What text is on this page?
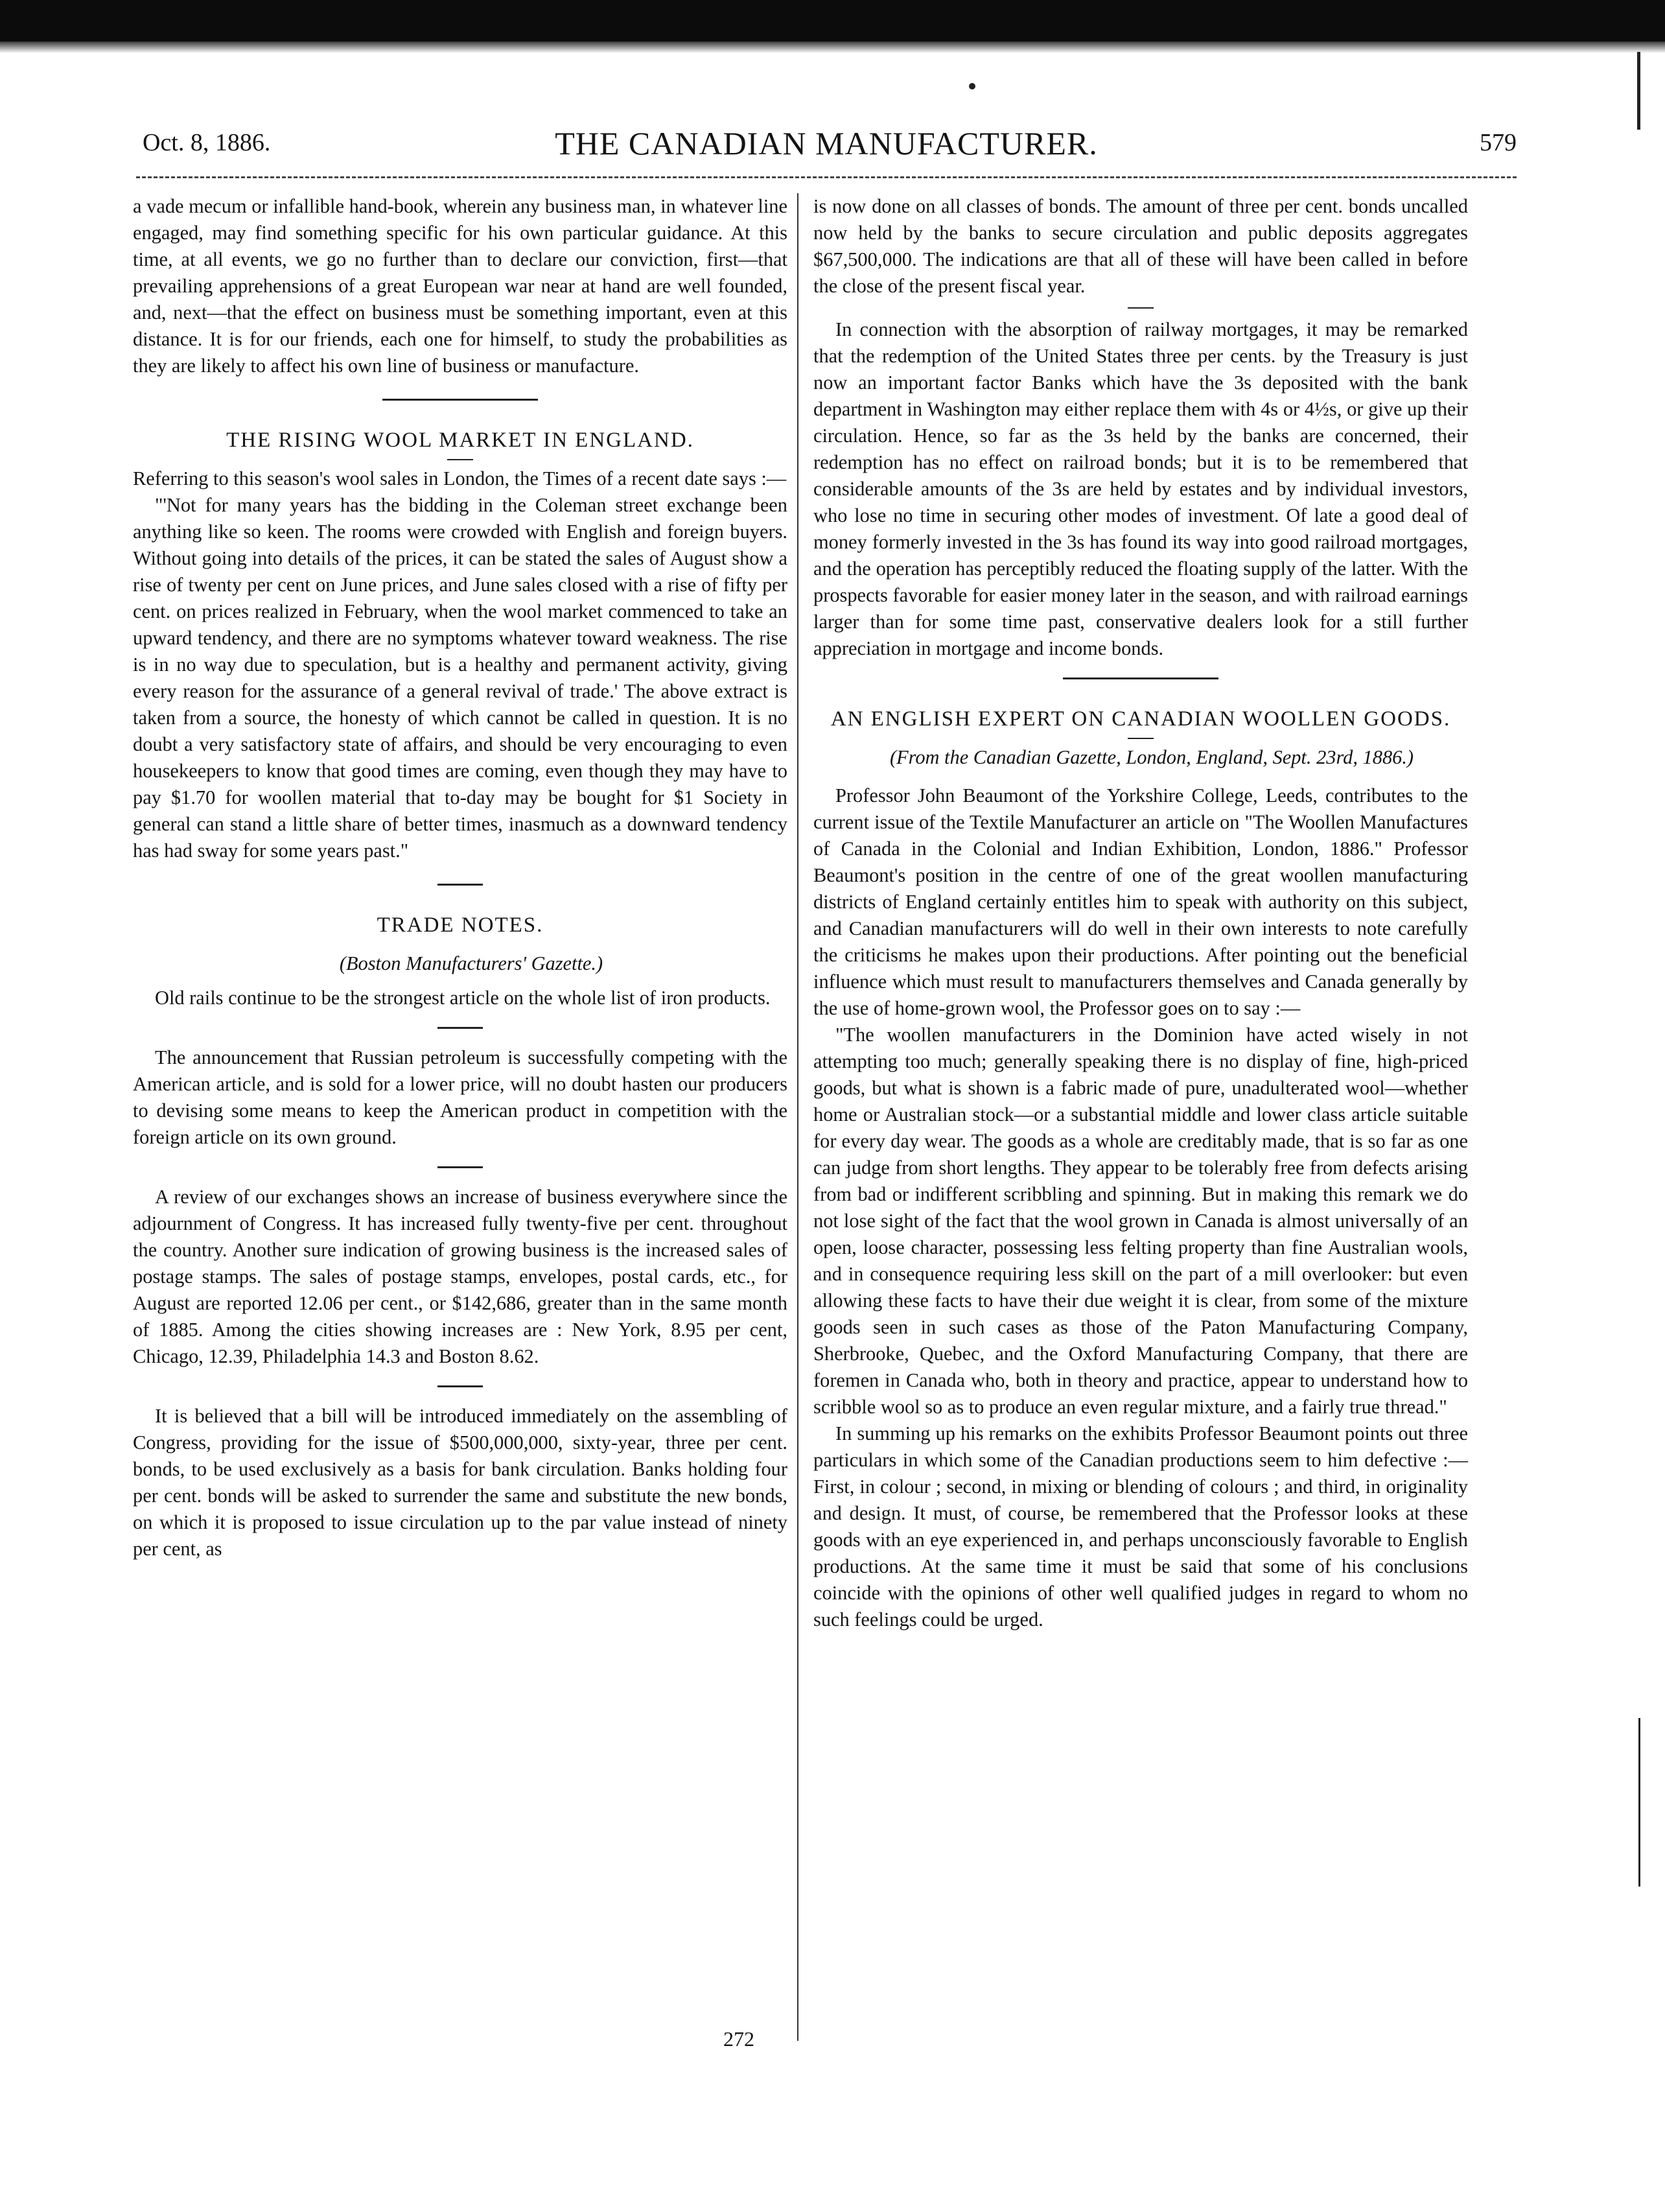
Oct. 8, 1886.	THE CANADIAN MANUFACTURER.	579

a vade mecum or infallible hand-book, wherein any business man, in whatever line engaged, may find something specific for his own particular guidance. At this time, at all events, we go no further than to declare our conviction, first—that prevailing apprehensions of a great European war near at hand are well founded, and, next—that the effect on business must be something important, even at this distance. It is for our friends, each one for himself, to study the probabilities as they are likely to affect his own line of business or manufacture.

THE RISING WOOL MARKET IN ENGLAND.

Referring to this season's wool sales in London, the Times of a recent date says :—

"'Not for many years has the bidding in the Coleman street exchange been anything like so keen. The rooms were crowded with English and foreign buyers. Without going into details of the prices, it can be stated the sales of August show a rise of twenty per cent on June prices, and June sales closed with a rise of fifty per cent. on prices realized in February, when the wool market commenced to take an upward tendency, and there are no symptoms whatever toward weakness. The rise is in no way due to speculation, but is a healthy and permanent activity, giving every reason for the assurance of a general revival of trade.' The above extract is taken from a source, the honesty of which cannot be called in question. It is no doubt a very satisfactory state of affairs, and should be very encouraging to even housekeepers to know that good times are coming, even though they may have to pay $1.70 for woollen material that to-day may be bought for $1 Society in general can stand a little share of better times, inasmuch as a downward tendency has had sway for some years past."

TRADE NOTES.

(Boston Manufacturers' Gazette.)

Old rails continue to be the strongest article on the whole list of iron products.

The announcement that Russian petroleum is successfully competing with the American article, and is sold for a lower price, will no doubt hasten our producers to devising some means to keep the American product in competition with the foreign article on its own ground.

A review of our exchanges shows an increase of business everywhere since the adjournment of Congress. It has increased fully twenty-five per cent. throughout the country. Another sure indication of growing business is the increased sales of postage stamps. The sales of postage stamps, envelopes, postal cards, etc., for August are reported 12.06 per cent., or $142,686, greater than in the same month of 1885. Among the cities showing increases are : New York, 8.95 per cent, Chicago, 12.39, Philadelphia 14.3 and Boston 8.62.

It is believed that a bill will be introduced immediately on the assembling of Congress, providing for the issue of $500,000,000, sixty-year, three per cent. bonds, to be used exclusively as a basis for bank circulation. Banks holding four per cent. bonds will be asked to surrender the same and substitute the new bonds, on which it is proposed to issue circulation up to the par value instead of ninety per cent, as

is now done on all classes of bonds. The amount of three per cent. bonds uncalled now held by the banks to secure circulation and public deposits aggregates $67,500,000. The indications are that all of these will have been called in before the close of the present fiscal year.

In connection with the absorption of railway mortgages, it may be remarked that the redemption of the United States three per cents. by the Treasury is just now an important factor Banks which have the 3s deposited with the bank department in Washington may either replace them with 4s or 4½s, or give up their circulation. Hence, so far as the 3s held by the banks are concerned, their redemption has no effect on railroad bonds; but it is to be remembered that considerable amounts of the 3s are held by estates and by individual investors, who lose no time in securing other modes of investment. Of late a good deal of money formerly invested in the 3s has found its way into good railroad mortgages, and the operation has perceptibly reduced the floating supply of the latter. With the prospects favorable for easier money later in the season, and with railroad earnings larger than for some time past, conservative dealers look for a still further appreciation in mortgage and income bonds.

AN ENGLISH EXPERT ON CANADIAN WOOLLEN GOODS.

(From the Canadian Gazette, London, England, Sept. 23rd, 1886.)

Professor John Beaumont of the Yorkshire College, Leeds, contributes to the current issue of the Textile Manufacturer an article on "The Woollen Manufactures of Canada in the Colonial and Indian Exhibition, London, 1886." Professor Beaumont's position in the centre of one of the great woollen manufacturing districts of England certainly entitles him to speak with authority on this subject, and Canadian manufacturers will do well in their own interests to note carefully the criticisms he makes upon their productions. After pointing out the beneficial influence which must result to manufacturers themselves and Canada generally by the use of home-grown wool, the Professor goes on to say :—

"The woollen manufacturers in the Dominion have acted wisely in not attempting too much; generally speaking there is no display of fine, high-priced goods, but what is shown is a fabric made of pure, unadulterated wool—whether home or Australian stock—or a substantial middle and lower class article suitable for every day wear. The goods as a whole are creditably made, that is so far as one can judge from short lengths. They appear to be tolerably free from defects arising from bad or indifferent scribbling and spinning. But in making this remark we do not lose sight of the fact that the wool grown in Canada is almost universally of an open, loose character, possessing less felting property than fine Australian wools, and in consequence requiring less skill on the part of a mill overlooker: but even allowing these facts to have their due weight it is clear, from some of the mixture goods seen in such cases as those of the Paton Manufacturing Company, Sherbrooke, Quebec, and the Oxford Manufacturing Company, that there are foremen in Canada who, both in theory and practice, appear to understand how to scribble wool so as to produce an even regular mixture, and a fairly true thread."

In summing up his remarks on the exhibits Professor Beaumont points out three particulars in which some of the Canadian productions seem to him defective :—First, in colour ; second, in mixing or blending of colours ; and third, in originality and design. It must, of course, be remembered that the Professor looks at these goods with an eye experienced in, and perhaps unconsciously favorable to English productions. At the same time it must be said that some of his conclusions coincide with the opinions of other well qualified judges in regard to whom no such feelings could be urged.

272
